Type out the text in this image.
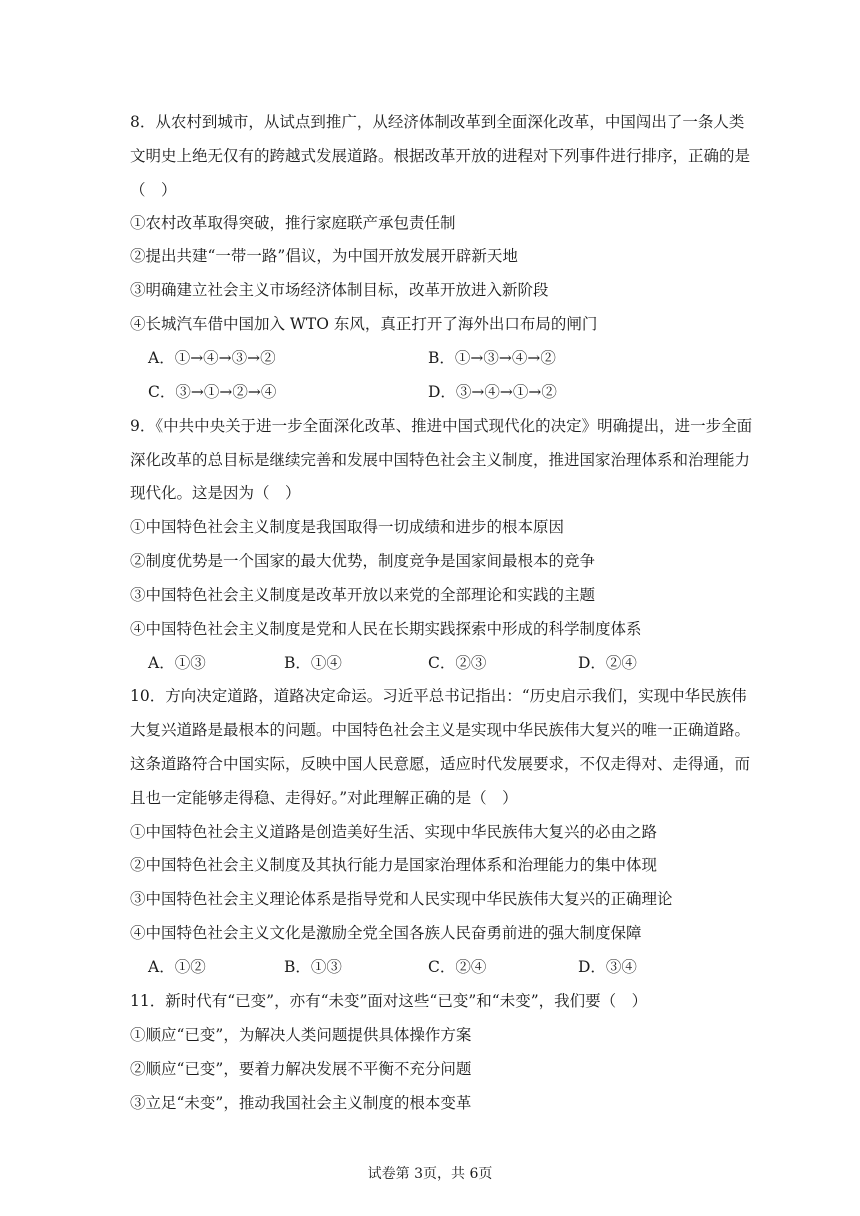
8．从农村到城市，从试点到推广，从经济体制改革到全面深化改革，中国闯出了一条人类
文明史上绝无仅有的跨越式发展道路。根据改革开放的进程对下列事件进行排序，正确的是
（　）
①农村改革取得突破，推行家庭联产承包责任制
②提出共建“一带一路”倡议，为中国开放发展开辟新天地
③明确建立社会主义市场经济体制目标，改革开放进入新阶段
④长城汽车借中国加入 WTO 东风，真正打开了海外出口布局的闸门
A．①→④→③→②	B．①→③→④→②
C．③→①→②→④	D．③→④→①→②
9．《中共中央关于进一步全面深化改革、推进中国式现代化的决定》明确提出，进一步全面
深化改革的总目标是继续完善和发展中国特色社会主义制度，推进国家治理体系和治理能力
现代化。这是因为（　）
①中国特色社会主义制度是我国取得一切成绩和进步的根本原因
②制度优势是一个国家的最大优势，制度竞争是国家间最根本的竞争
③中国特色社会主义制度是改革开放以来党的全部理论和实践的主题
④中国特色社会主义制度是党和人民在长期实践探索中形成的科学制度体系
A．①③	B．①④	C．②③	D．②④
10．方向决定道路，道路决定命运。习近平总书记指出：“历史启示我们，实现中华民族伟
大复兴道路是最根本的问题。中国特色社会主义是实现中华民族伟大复兴的唯一正确道路。
这条道路符合中国实际，反映中国人民意愿，适应时代发展要求，不仅走得对、走得通，而
且也一定能够走得稳、走得好。”对此理解正确的是（　）
①中国特色社会主义道路是创造美好生活、实现中华民族伟大复兴的必由之路
②中国特色社会主义制度及其执行能力是国家治理体系和治理能力的集中体现
③中国特色社会主义理论体系是指导党和人民实现中华民族伟大复兴的正确理论
④中国特色社会主义文化是激励全党全国各族人民奋勇前进的强大制度保障
A．①②	B．①③	C．②④	D．③④
11．新时代有“已变”，亦有“未变”面对这些“已变”和“未变”，我们要（　）
①顺应“已变”，为解决人类问题提供具体操作方案
②顺应“已变”，要着力解决发展不平衡不充分问题
③立足“未变”，推动我国社会主义制度的根本变革
试卷第 3页，共 6页
